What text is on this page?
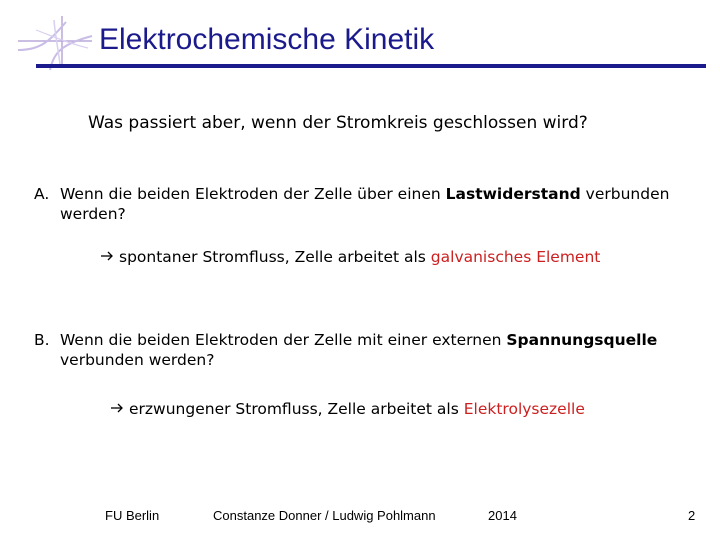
Elektrochemische Kinetik
Was passiert aber, wenn der Stromkreis geschlossen wird?
A. Wenn die beiden Elektroden der Zelle über einen Lastwiderstand verbunden werden?
spontaner Stromfluss, Zelle arbeitet als galvanisches Element
B. Wenn die beiden Elektroden der Zelle mit einer externen Spannungsquelle verbunden werden?
erzwungener Stromfluss, Zelle arbeitet als Elektrolysezelle
FU Berlin	Constanze Donner / Ludwig Pohlmann	2014	2
